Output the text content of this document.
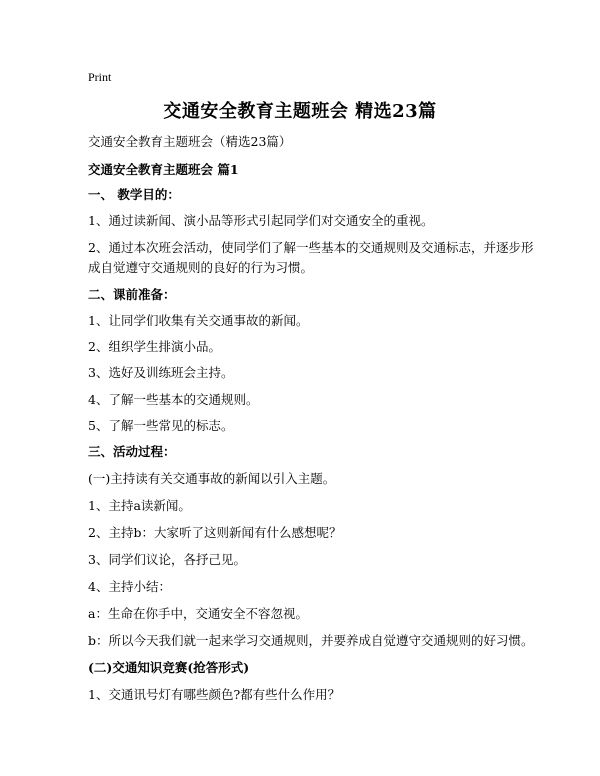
Print
交通安全教育主题班会 精选23篇
交通安全教育主题班会（精选23篇）
交通安全教育主题班会 篇1
一、 教学目的：
1、通过读新闻、演小品等形式引起同学们对交通安全的重视。
2、通过本次班会活动，使同学们了解一些基本的交通规则及交通标志，并逐步形
成自觉遵守交通规则的良好的行为习惯。
二、课前准备：
1、让同学们收集有关交通事故的新闻。
2、组织学生排演小品。
3、选好及训练班会主持。
4、了解一些基本的交通规则。
5、了解一些常见的标志。
三、活动过程：
(一)主持读有关交通事故的新闻以引入主题。
1、主持a读新闻。
2、主持b：大家听了这则新闻有什么感想呢？
3、同学们议论，各抒己见。
4、主持小结：
a：生命在你手中，交通安全不容忽视。
b：所以今天我们就一起来学习交通规则，并要养成自觉遵守交通规则的好习惯。
(二)交通知识竞赛(抢答形式)
1、交通讯号灯有哪些颜色?都有些什么作用？
